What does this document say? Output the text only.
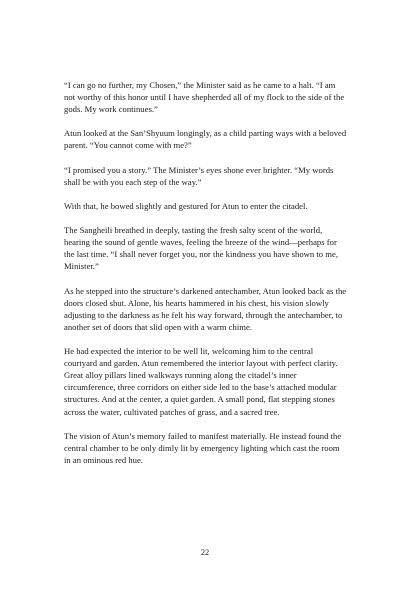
“I can go no further, my Chosen,” the Minister said as he came to a halt. “I am not worthy of this honor until I have shepherded all of my flock to the side of the gods. My work continues.”

Atun looked at the San’Shyuum longingly, as a child parting ways with a beloved parent. “You cannot come with me?”

“I promised you a story.” The Minister’s eyes shone ever brighter. “My words shall be with you each step of the way.”

With that, he bowed slightly and gestured for Atun to enter the citadel.

The Sangheili breathed in deeply, tasting the fresh salty scent of the world, hearing the sound of gentle waves, feeling the breeze of the wind—perhaps for the last time. “I shall never forget you, nor the kindness you have shown to me, Minister.”

As he stepped into the structure’s darkened antechamber, Atun looked back as the doors closed shut. Alone, his hearts hammered in his chest, his vision slowly adjusting to the darkness as he felt his way forward, through the antechamber, to another set of doors that slid open with a warm chime.

He had expected the interior to be well lit, welcoming him to the central courtyard and garden. Atun remembered the interior layout with perfect clarity. Great alloy pillars lined walkways running along the citadel’s inner circumference, three corridors on either side led to the base’s attached modular structures. And at the center, a quiet garden. A small pond, flat stepping stones across the water, cultivated patches of grass, and a sacred tree.

The vision of Atun’s memory failed to manifest materially. He instead found the central chamber to be only dimly lit by emergency lighting which cast the room in an ominous red hue.

22
